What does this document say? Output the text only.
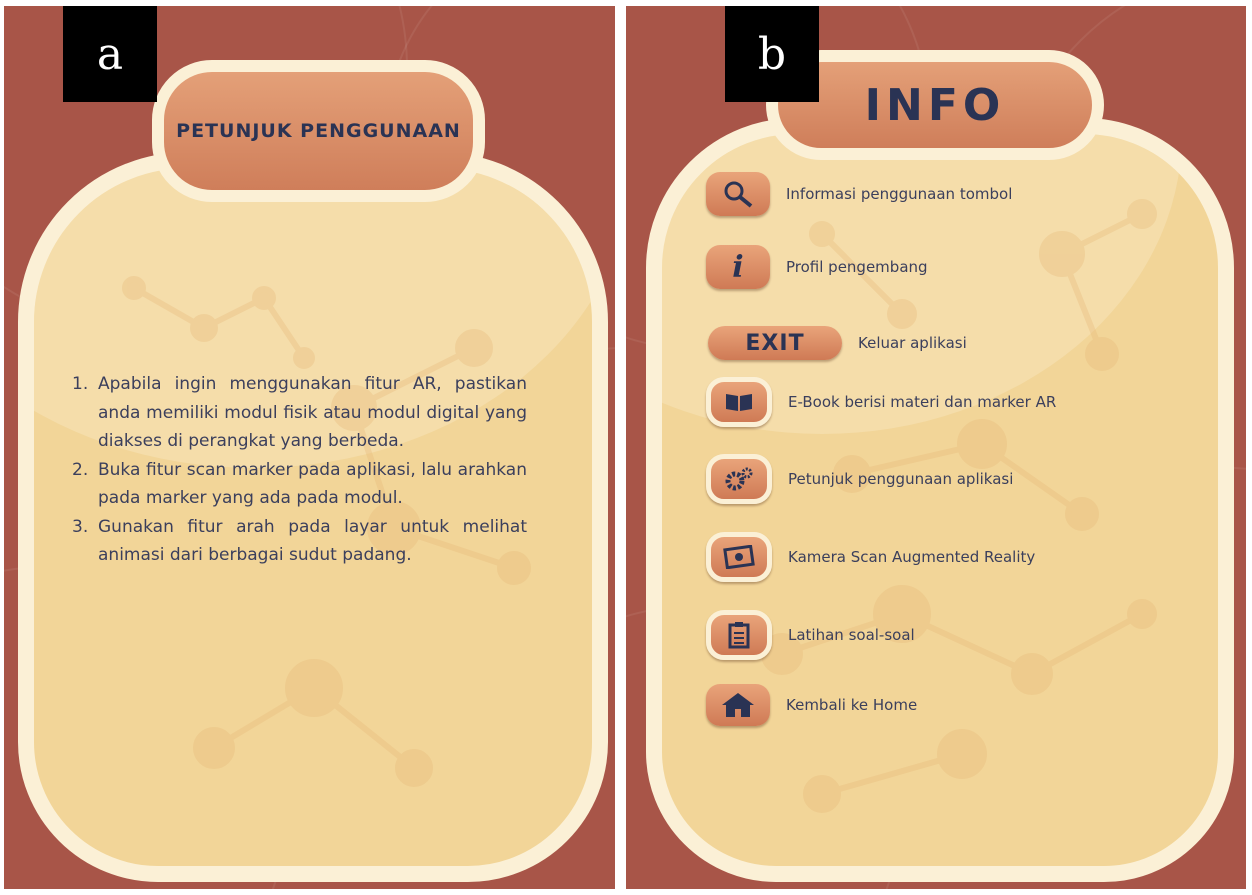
PETUNJUK PENGGUNAAN
a
1. Apabila ingin menggunakan fitur AR, pastikan anda memiliki modul fisik atau modul digital yang diakses di perangkat yang berbeda.
2. Buka fitur scan marker pada aplikasi, lalu arahkan pada marker yang ada pada modul.
3. Gunakan fitur arah pada layar untuk melihat animasi dari berbagai sudut padang.
INFO
b
Informasi penggunaan tombol
i	Profil pengembang
EXIT	Keluar aplikasi
E-Book berisi materi dan marker AR
Petunjuk penggunaan aplikasi
Kamera Scan Augmented Reality
Latihan soal-soal
Kembali ke Home
